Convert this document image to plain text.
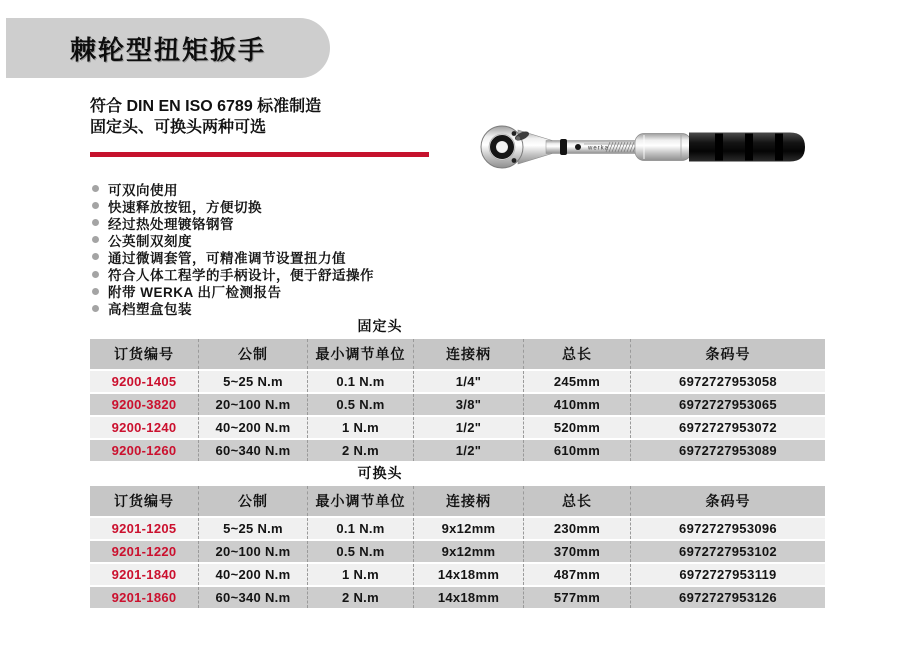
棘轮型扭矩扳手
符合 DIN EN ISO 6789 标准制造
固定头、可换头两种可选
可双向使用
快速释放按钮，方便切换
经过热处理镀铬钢管
公英制双刻度
通过微调套管，可精准调节设置扭力值
符合人体工程学的手柄设计，便于舒适操作
附带 WERKA 出厂检测报告
高档塑盒包装
werka
固定头
订货编号	公制	最小调节单位	连接柄	总长	条码号
9200-1405	5~25 N.m	0.1 N.m	1/4"	245mm	6972727953058
9200-3820	20~100 N.m	0.5 N.m	3/8"	410mm	6972727953065
9200-1240	40~200 N.m	1 N.m	1/2"	520mm	6972727953072
9200-1260	60~340 N.m	2 N.m	1/2"	610mm	6972727953089
可换头
订货编号	公制	最小调节单位	连接柄	总长	条码号
9201-1205	5~25 N.m	0.1 N.m	9x12mm	230mm	6972727953096
9201-1220	20~100 N.m	0.5 N.m	9x12mm	370mm	6972727953102
9201-1840	40~200 N.m	1 N.m	14x18mm	487mm	6972727953119
9201-1860	60~340 N.m	2 N.m	14x18mm	577mm	6972727953126
